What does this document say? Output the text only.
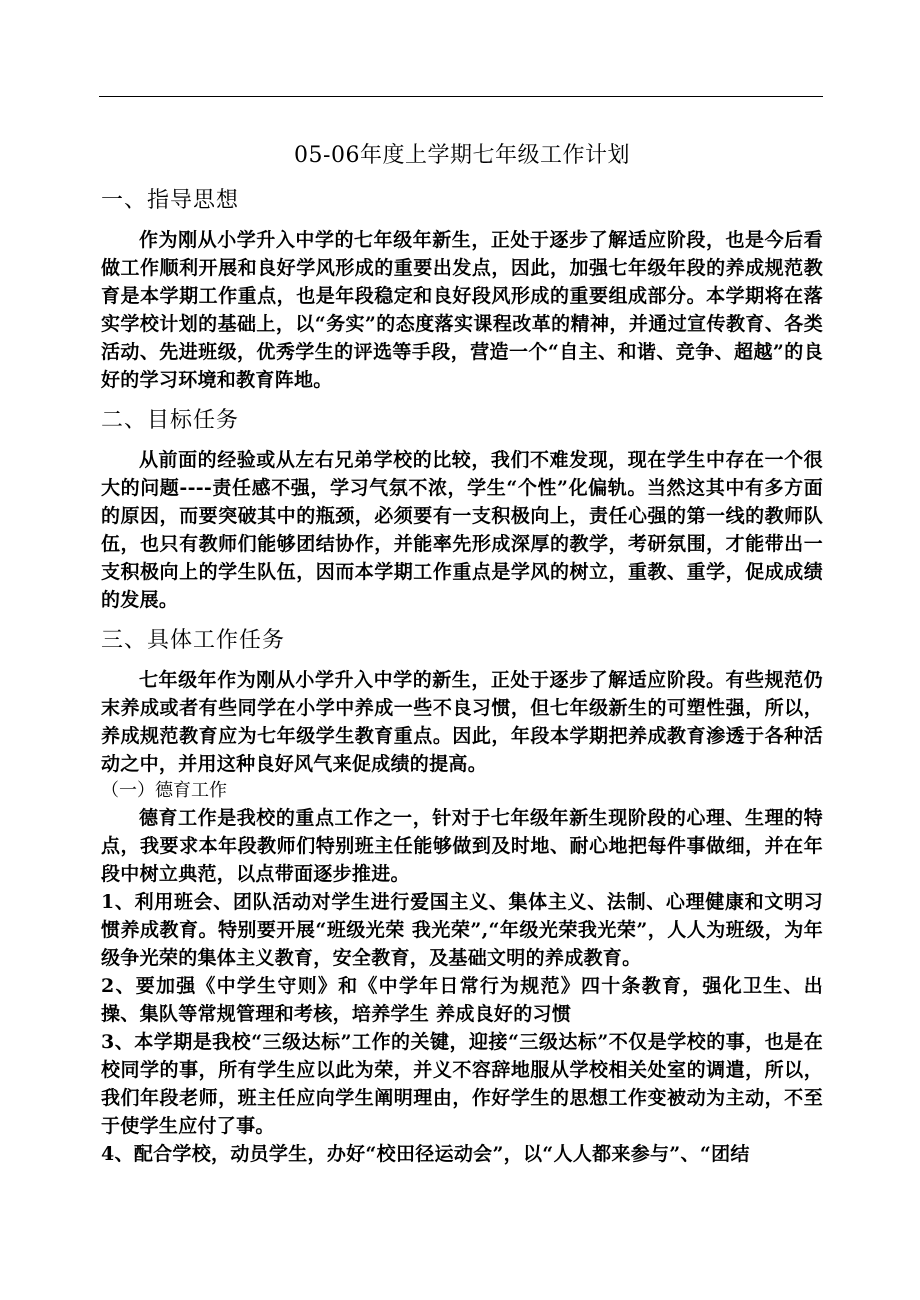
05-06年度上学期七年级工作计划
一、指导思想

作为刚从小学升入中学的七年级年新生，正处于逐步了解适应阶段，也是今后看做工作顺利开展和良好学风形成的重要出发点，因此，加强七年级年段的养成规范教育是本学期工作重点，也是年段稳定和良好段风形成的重要组成部分。本学期将在落实学校计划的基础上，以“务实”的态度落实课程改革的精神，并通过宣传教育、各类活动、先进班级，优秀学生的评选等手段，营造一个“自主、和谐、竞争、超越”的良好的学习环境和教育阵地。

二、目标任务

从前面的经验或从左右兄弟学校的比较，我们不难发现，现在学生中存在一个很大的问题----责任感不强，学习气氛不浓，学生“个性”化偏轨。当然这其中有多方面的原因，而要突破其中的瓶颈，必须要有一支积极向上，责任心强的第一线的教师队伍，也只有教师们能够团结协作，并能率先形成深厚的教学，考研氛围，才能带出一支积极向上的学生队伍，因而本学期工作重点是学风的树立，重教、重学，促成成绩的发展。

三、具体工作任务

七年级年作为刚从小学升入中学的新生，正处于逐步了解适应阶段。有些规范仍末养成或者有些同学在小学中养成一些不良习惯，但七年级新生的可塑性强，所以，养成规范教育应为七年级学生教育重点。因此，年段本学期把养成教育渗透于各种活动之中，并用这种良好风气来促成绩的提高。

（一）德育工作

德育工作是我校的重点工作之一，针对于七年级年新生现阶段的心理、生理的特点，我要求本年段教师们特别班主任能够做到及时地、耐心地把每件事做细，并在年段中树立典范，以点带面逐步推进。

1、利用班会、团队活动对学生进行爱国主义、集体主义、法制、心理健康和文明习惯养成教育。特别要开展“班级光荣 我光荣”,“年级光荣我光荣”，人人为班级，为年级争光荣的集体主义教育，安全教育，及基础文明的养成教育。

2、要加强《中学生守则》和《中学年日常行为规范》四十条教育，强化卫生、出操、集队等常规管理和考核，培养学生 养成良好的习惯

3、本学期是我校“三级达标”工作的关键，迎接“三级达标”不仅是学校的事，也是在校同学的事，所有学生应以此为荣，并义不容辞地服从学校相关处室的调遣，所以，我们年段老师，班主任应向学生阐明理由，作好学生的思想工作变被动为主动，不至于使学生应付了事。

4、配合学校，动员学生，办好“校田径运动会”，以“人人都来参与”、“团结
